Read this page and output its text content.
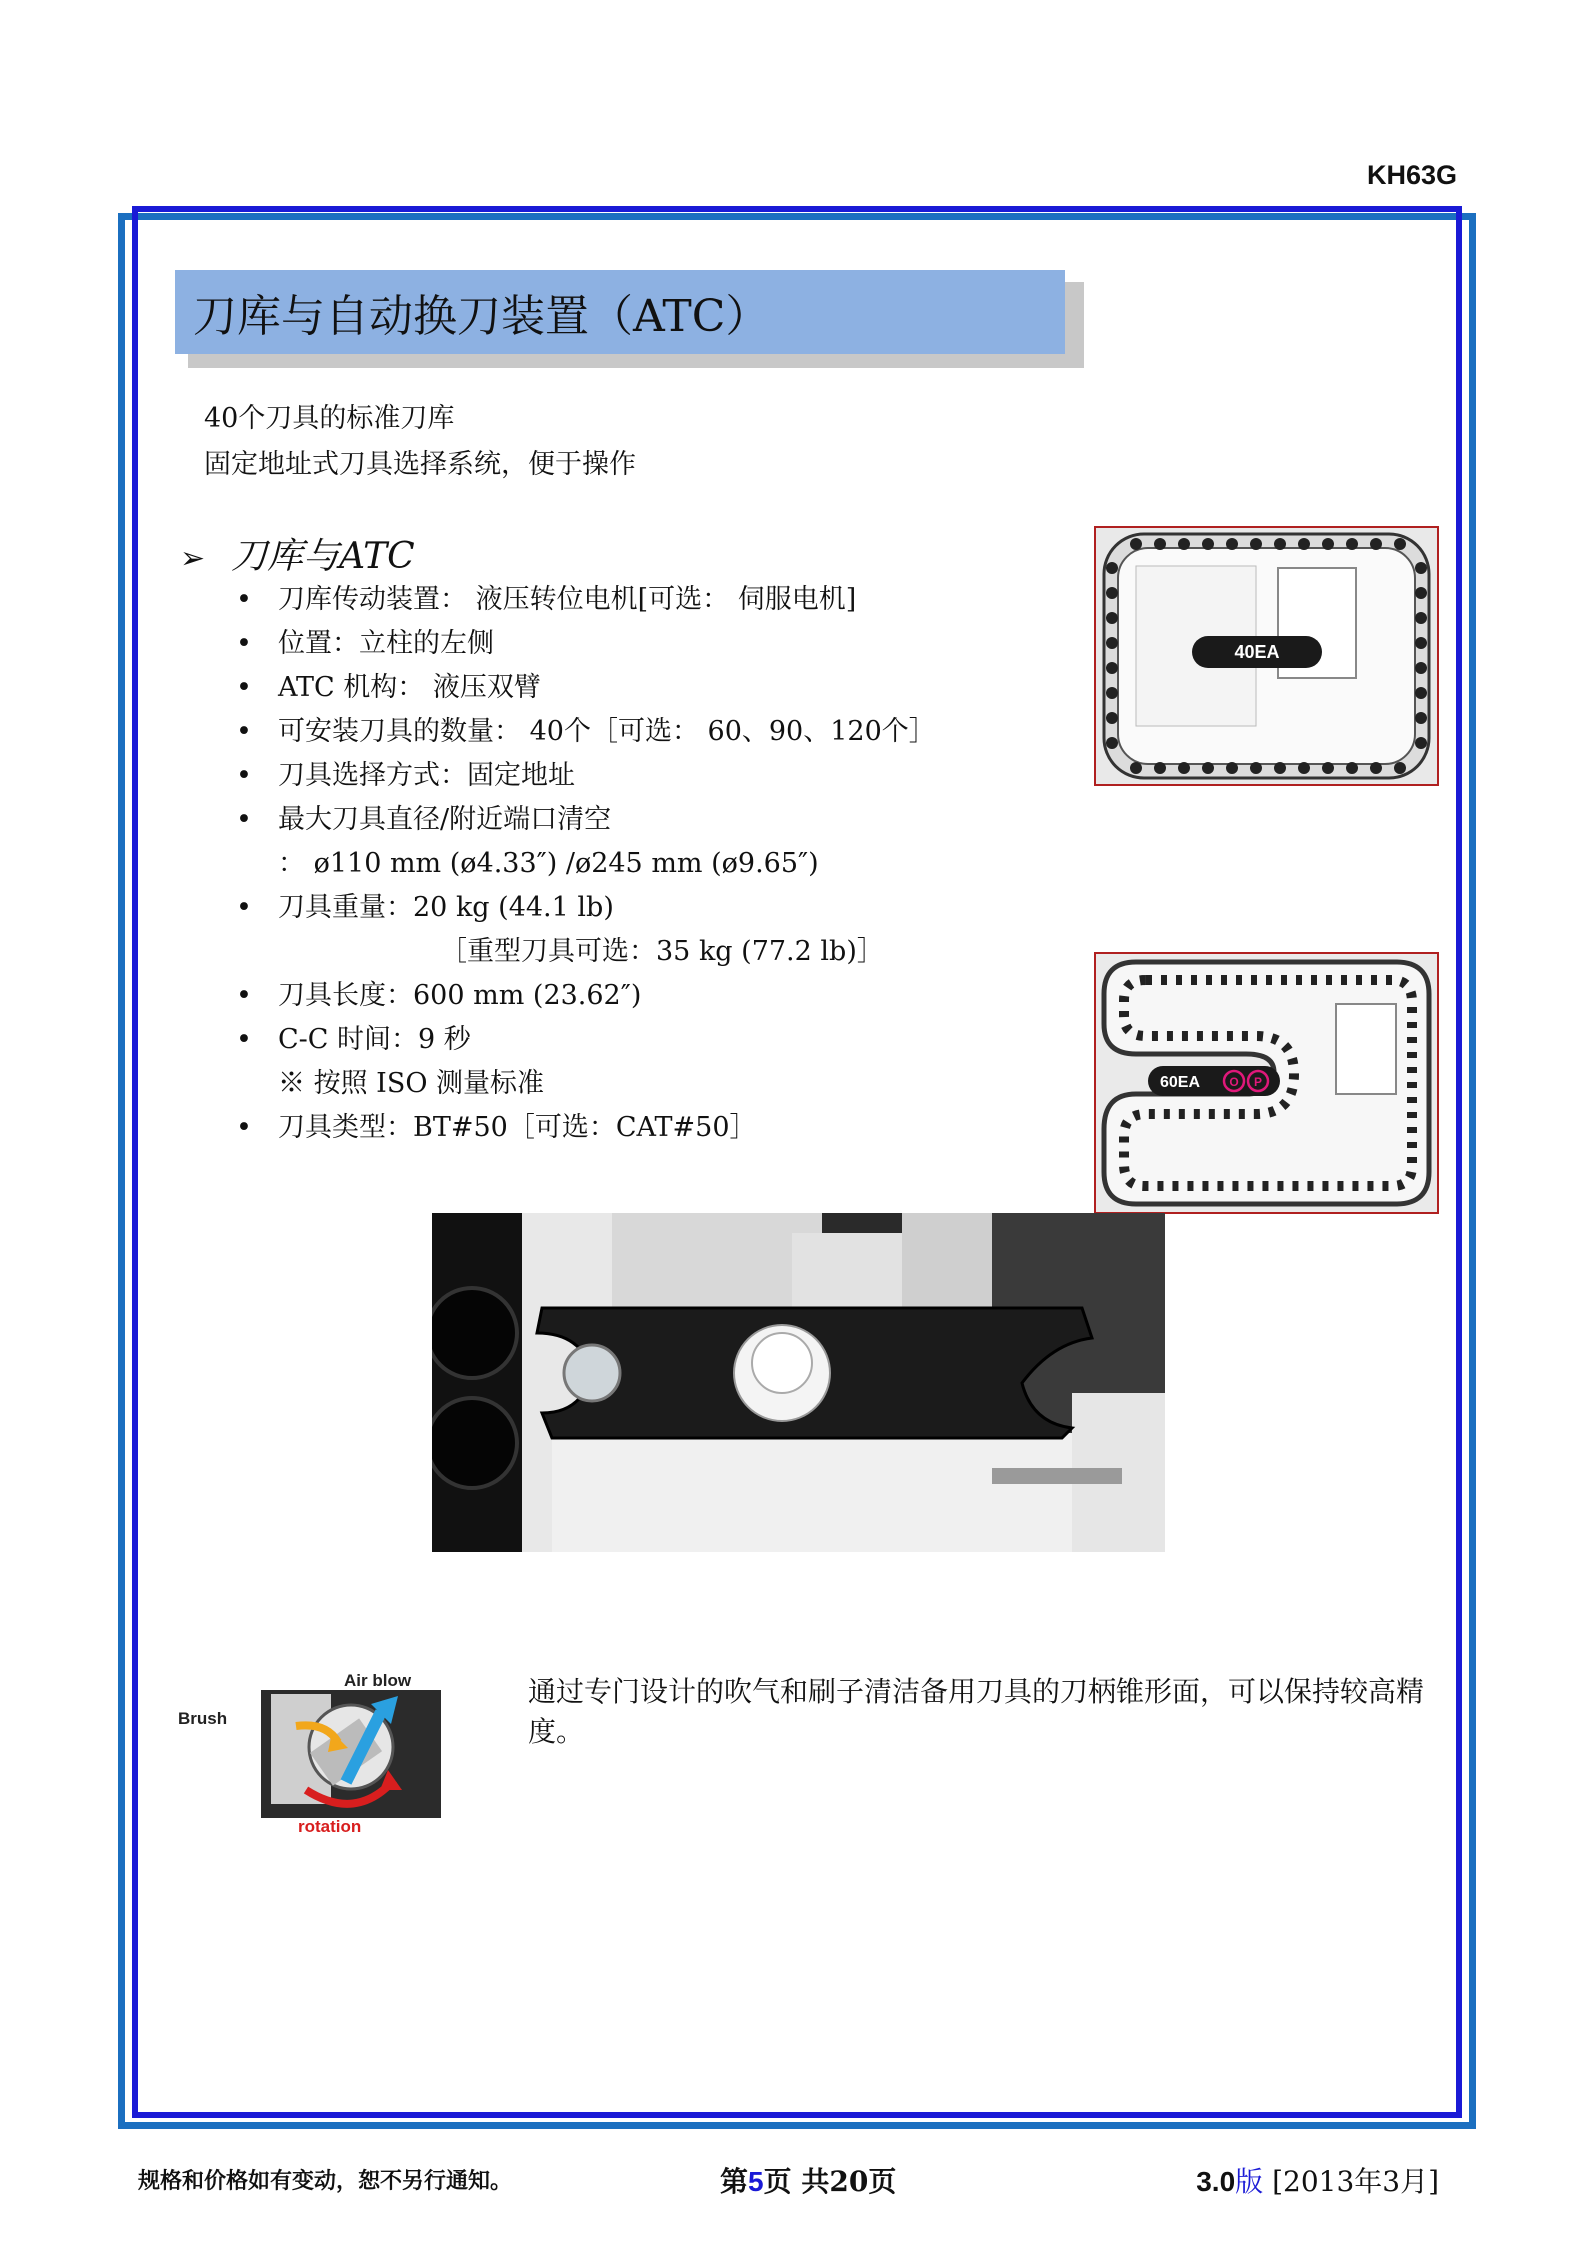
KH63G
刀库与自动换刀装置（ATC）
40个刀具的标准刀库
固定地址式刀具选择系统，便于操作
➢ 刀库与ATC
• 刀库传动装置： 液压转位电机[可选： 伺服电机]
• 位置：立柱的左侧
• ATC 机构： 液压双臂
• 可安装刀具的数量： 40个［可选： 60、90、120个］
• 刀具选择方式：固定地址
• 最大刀具直径/附近端口清空
： ø110 mm (ø4.33″) /ø245 mm (ø9.65″)
• 刀具重量：20 kg (44.1 lb)
［重型刀具可选：35 kg (77.2 lb)］
• 刀具长度：600 mm (23.62″)
• C-C 时间：9 秒
※ 按照 ISO 测量标准
• 刀具类型：BT#50［可选：CAT#50］
40EA
60EA O P
Brush
Air blow
rotation
通过专门设计的吹气和刷子清洁备用刀具的刀柄锥形面，可以保持较高精度。
规格和价格如有变动，恕不另行通知。	第5页 共20页	3.0版 [2013年3月]
